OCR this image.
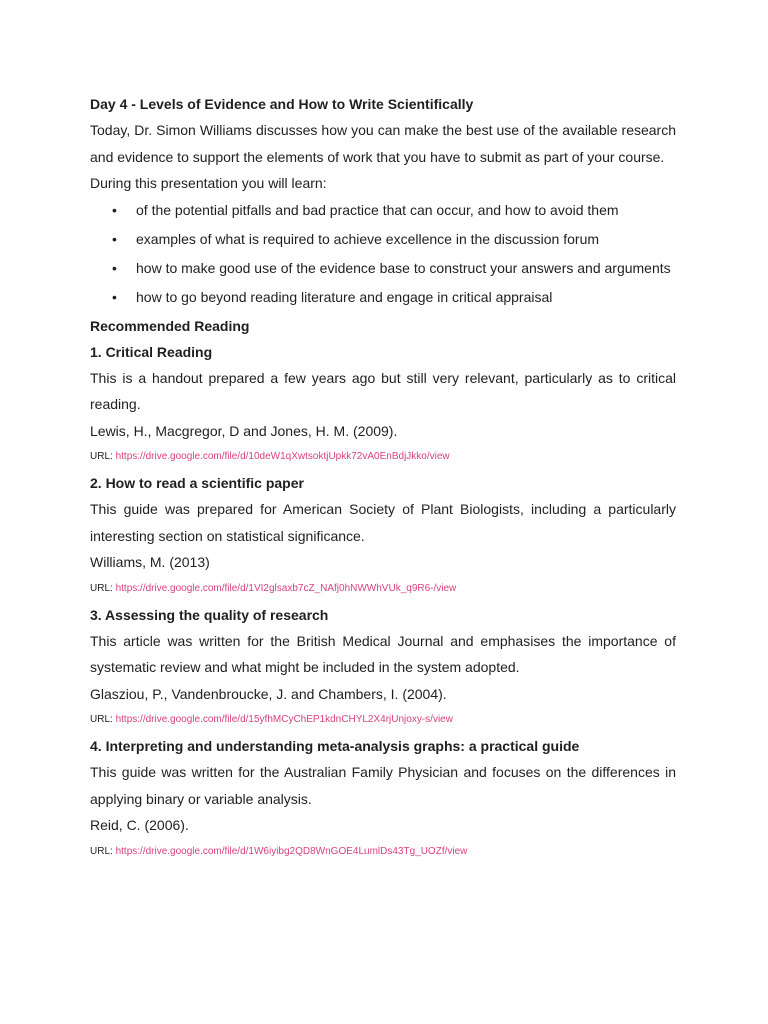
Day 4 - Levels of Evidence and How to Write Scientifically
Today, Dr. Simon Williams discusses how you can make the best use of the available research and evidence to support the elements of work that you have to submit as part of your course.
During this presentation you will learn:
• of the potential pitfalls and bad practice that can occur, and how to avoid them
• examples of what is required to achieve excellence in the discussion forum
• how to make good use of the evidence base to construct your answers and arguments
• how to go beyond reading literature and engage in critical appraisal
Recommended Reading
1. Critical Reading
This is a handout prepared a few years ago but still very relevant, particularly as to critical reading.
Lewis, H., Macgregor, D and Jones, H. M. (2009).
URL: https://drive.google.com/file/d/10deW1qXwtsoktjUpkk72vA0EnBdjJkko/view
2. How to read a scientific paper
This guide was prepared for American Society of Plant Biologists, including a particularly interesting section on statistical significance.
Williams, M. (2013)
URL: https://drive.google.com/file/d/1VI2glsaxb7cZ_NAfj0hNWWhVUk_q9R6-/view
3. Assessing the quality of research
This article was written for the British Medical Journal and emphasises the importance of systematic review and what might be included in the system adopted.
Glasziou, P., Vandenbroucke, J. and Chambers, I. (2004).
URL: https://drive.google.com/file/d/15yfhMCyChEP1kdnCHYL2X4rjUnjoxy-s/view
4. Interpreting and understanding meta-analysis graphs: a practical guide
This guide was written for the Australian Family Physician and focuses on the differences in applying binary or variable analysis.
Reid, C. (2006).
URL: https://drive.google.com/file/d/1W6iyibg2QD8WnGOE4LumlDs43Tg_UOZf/view
